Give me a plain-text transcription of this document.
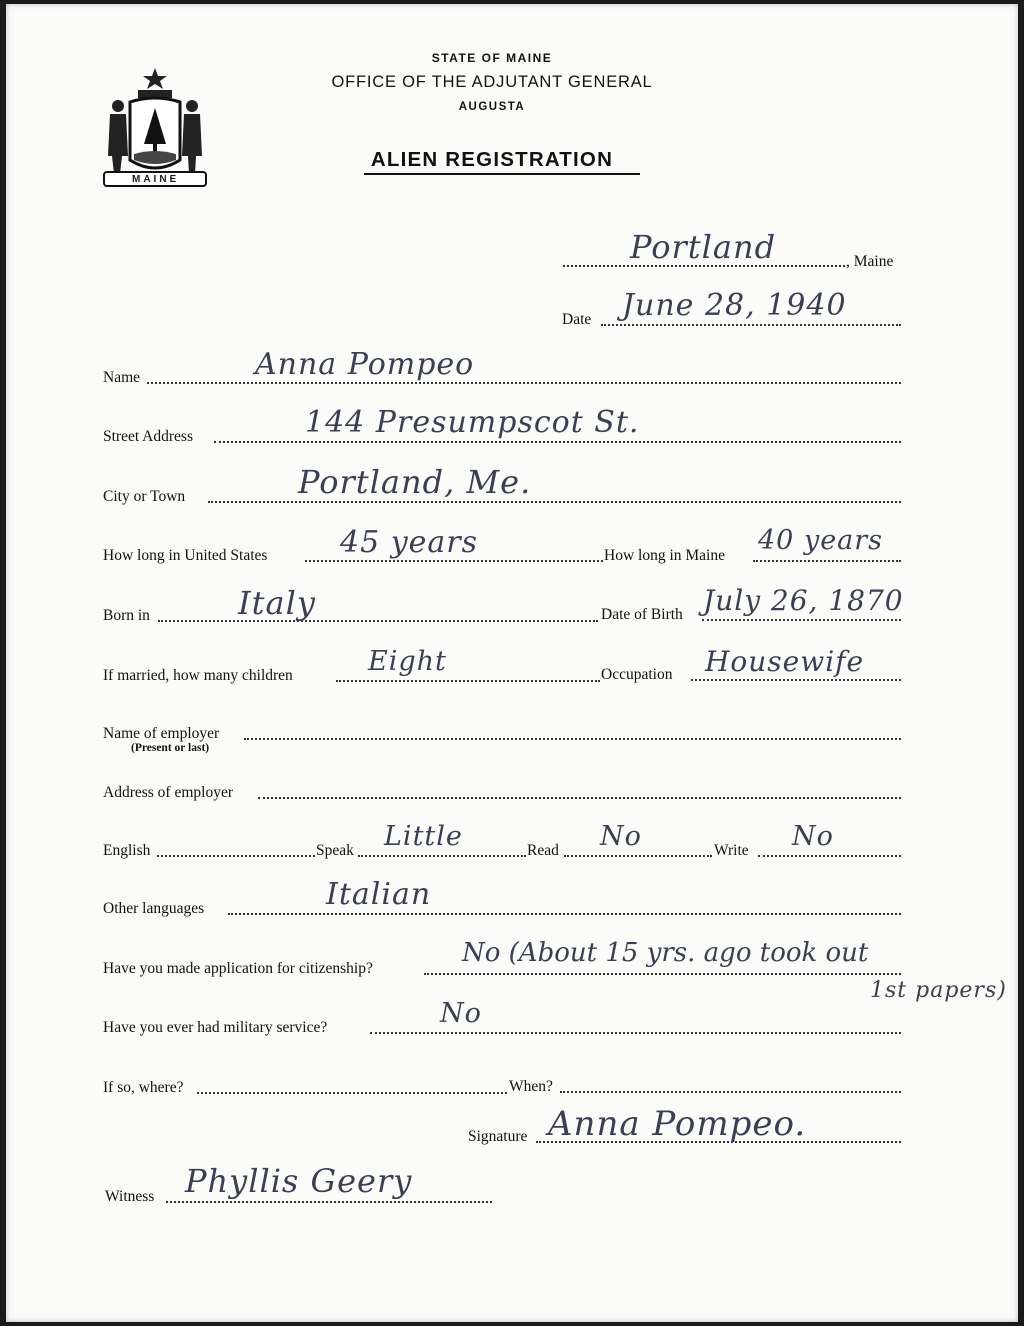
MAINE
STATE OF MAINE
OFFICE OF THE ADJUTANT GENERAL
AUGUSTA
ALIEN REGISTRATION
, Maine
Portland
Date June 28, 1940
Name	Anna Pompeo
Street Address	144 Presumpscot St.
City or Town	Portland, Me.
How long in United States 45 years	How long in Maine 40 years
Born in	Italy	Date of Birth July 26, 1870
If married, how many children	Eight	Occupation Housewife
Name of employer
(Present or last)
Address of employer
English	Speak Little	Read No	Write No
Other languages	Italian
Have you made application for citizenship?
No (About 15 yrs. ago took out
1st papers)
Have you ever had military service?	No
If so, where?	When?
Signature Anna Pompeo.
Witness Phyllis Geery
